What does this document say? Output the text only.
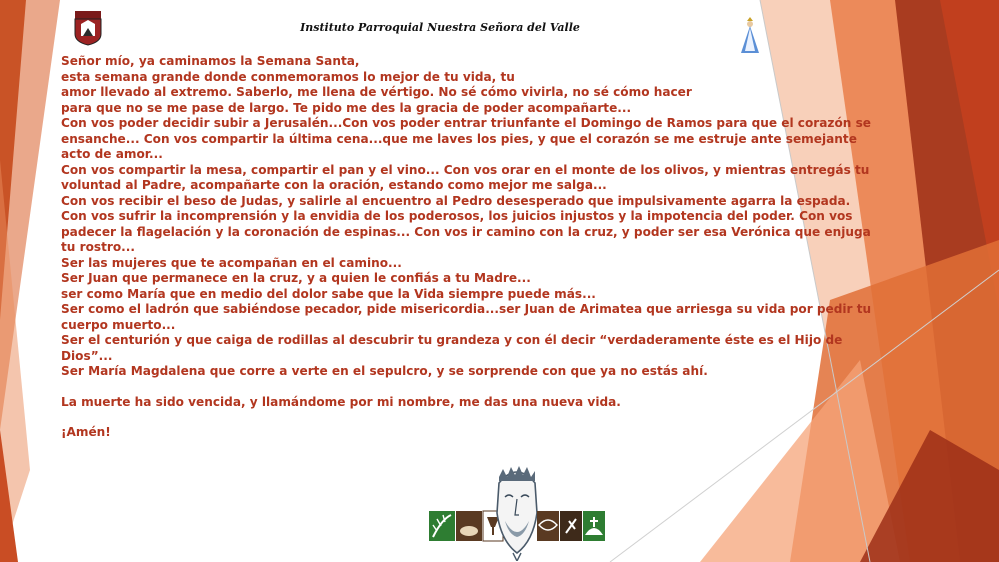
Instituto Parroquial Nuestra Señora del Valle
Señor mío, ya caminamos la Semana Santa,
esta semana grande donde conmemoramos lo mejor de tu vida, tu
amor llevado al extremo. Saberlo, me llena de vértigo. No sé cómo vivirla, no sé cómo hacer
para que no se me pase de largo. Te pido me des la gracia de poder acompañarte...
Con vos poder decidir subir a Jerusalén...Con vos poder entrar triunfante el Domingo de Ramos para que el corazón se
ensanche... Con vos compartir la última cena...que me laves los pies, y que el corazón se me estruje ante semejante
acto de amor...
Con vos compartir la mesa, compartir el pan y el vino... Con vos orar en el monte de los olivos, y mientras entregás tu
voluntad al Padre, acompañarte con la oración, estando como mejor me salga...
Con vos recibir el beso de Judas, y salirle al encuentro al Pedro desesperado que impulsivamente agarra la espada.
Con vos sufrir la incomprensión y la envidia de los poderosos, los juicios injustos y la impotencia del poder. Con vos
padecer la flagelación y la coronación de espinas... Con vos ir camino con la cruz, y poder ser esa Verónica que enjuga
tu rostro...
Ser las mujeres que te acompañan en el camino...
Ser Juan que permanece en la cruz, y a quien le confiás a tu Madre...
ser como María que en medio del dolor sabe que la Vida siempre puede más...
Ser como el ladrón que sabiéndose pecador, pide misericordia...ser Juan de Arimatea que arriesga su vida por pedir tu
cuerpo muerto...
Ser el centurión y que caiga de rodillas al descubrir tu grandeza y con él decir “verdaderamente éste es el Hijo de
Dios”...
Ser María Magdalena que corre a verte en el sepulcro, y se sorprende con que ya no estás ahí.
La muerte ha sido vencida, y llamándome por mi nombre, me das una nueva vida.
¡Amén!
